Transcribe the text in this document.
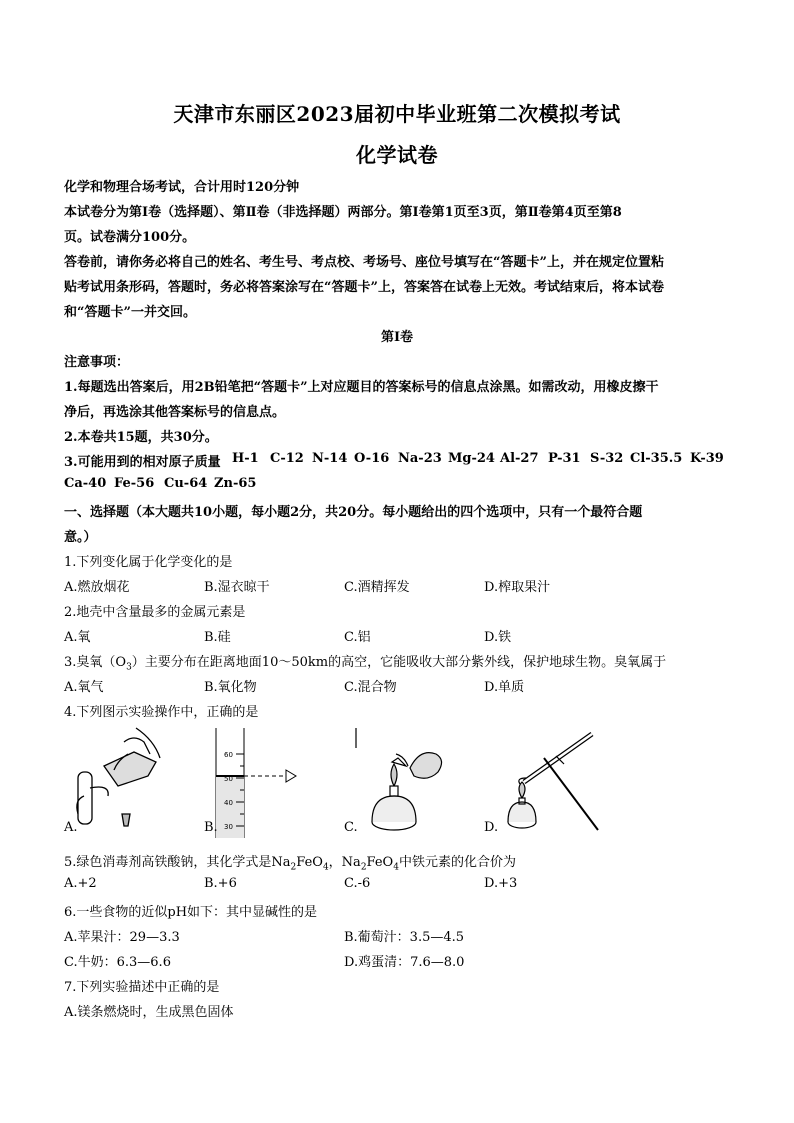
天津市东丽区2023届初中毕业班第二次模拟考试
化学试卷
化学和物理合场考试，合计用时120分钟
本试卷分为第Ⅰ卷（选择题）、第Ⅱ卷（非选择题）两部分。第Ⅰ卷第1页至3页，第Ⅱ卷第4页至第8
页。试卷满分100分。
答卷前，请你务必将自己的姓名、考生号、考点校、考场号、座位号填写在“答题卡”上，并在规定位置粘
贴考试用条形码，答题时，务必将答案涂写在“答题卡”上，答案答在试卷上无效。考试结束后，将本试卷
和“答题卡”一并交回。
第Ⅰ卷
注意事项：
1.每题选出答案后，用2B铅笔把“答题卡”上对应题目的答案标号的信息点涂黑。如需改动，用橡皮擦干
净后，再选涂其他答案标号的信息点。
2.本卷共15题，共30分。
3.可能用到的相对原子质量 H-1 C-12 N-14 O-16 Na-23 Mg-24 Al-27 P-31 S-32 Cl-35.5 K-39
Ca-40 Fe-56 Cu-64 Zn-65
一、选择题（本大题共10小题，每小题2分，共20分。每小题给出的四个选项中，只有一个最符合题
意。）
1.下列变化属于化学变化的是
A.燃放烟花	B.湿衣晾干	C.酒精挥发	D.榨取果汁
2.地壳中含量最多的金属元素是
A.氧	B.硅	C.铝	D.铁
3.臭氧$(O_3)$主要分布在距离地面10～50km的高空，它能吸收大部分紫外线，保护地球生物。臭氧属于
A.氧气	B.氧化物	C.混合物	D.单质
4.下列图示实验操作中，正确的是
A.
60
50
40
30
B.	C.	D.
5.绿色消毒剂高铁酸钠，其化学式是$Na_2FeO_4$，$Na_2FeO_4$中铁元素的化合价为
A.+2	B.+6	C.-6	D.+3
6.一些食物的近似pH如下：其中显碱性的是
A.苹果汁：29—3.3	B.葡萄汁：3.5—4.5
C.牛奶：6.3—6.6	D.鸡蛋清：7.6—8.0
7.下列实验描述中正确的是
A.镁条燃烧时，生成黑色固体
